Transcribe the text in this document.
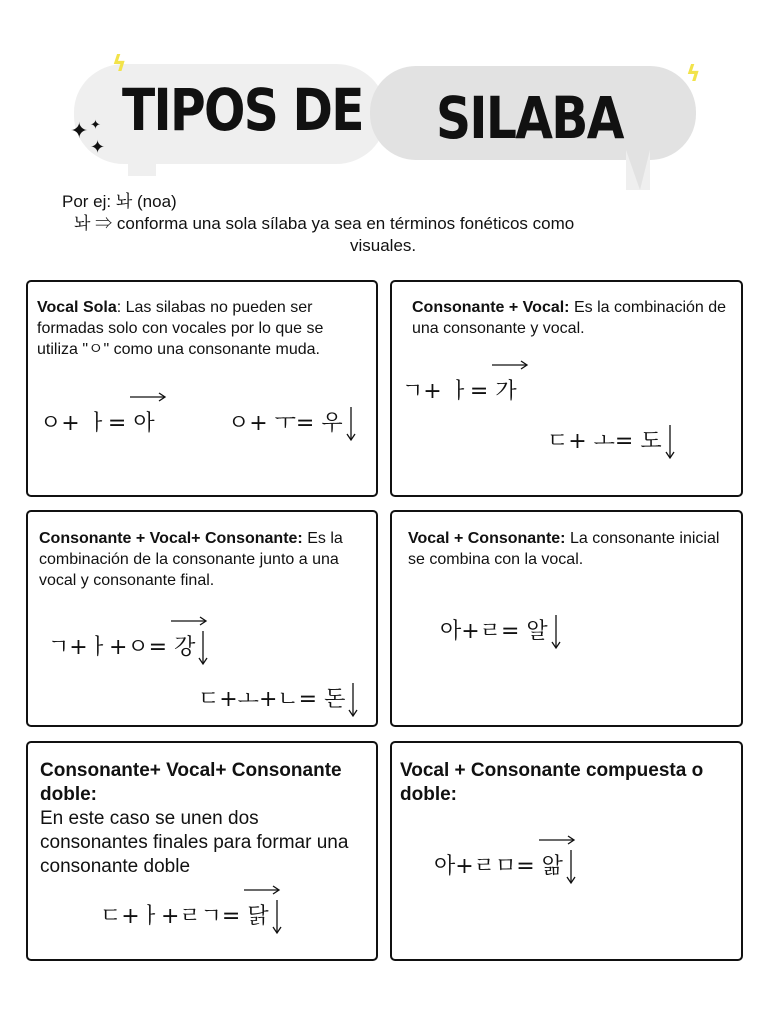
ϟ	ϟ
✦ ✦
✦
TIPOS DE SILABA
Por ej: 놔 (noa)
놔 ⇒ conforma una sola sílaba ya sea en términos fonéticos como
visuales.
Vocal Sola: Las silabas no pueden ser formadas solo con vocales por lo que se utiliza "ㅇ" como una consonante muda.
ㅇ+ ㅏ=
아	ㅇ+ ㅜ= 우
Consonante + Vocal: Es la combinación de una consonante y vocal.
ㄱ+ ㅏ=
가
ㄷ+ ㅗ= 도
Consonante + Vocal+ Consonante: Es la combinación de la consonante junto a una vocal y consonante final.
ㄱ+ㅏ+ㅇ=
강
ㄷ+ㅗ+ㄴ= 돈
Vocal + Consonante: La consonante inicial se combina con la vocal.
아+ㄹ= 알
Consonante+ Vocal+ Consonante doble:
En este caso se unen dos consonantes finales para formar una consonante doble
ㄷ+ㅏ+ㄹㄱ=
닭
Vocal + Consonante compuesta o doble:
아+ㄹㅁ=
앎
